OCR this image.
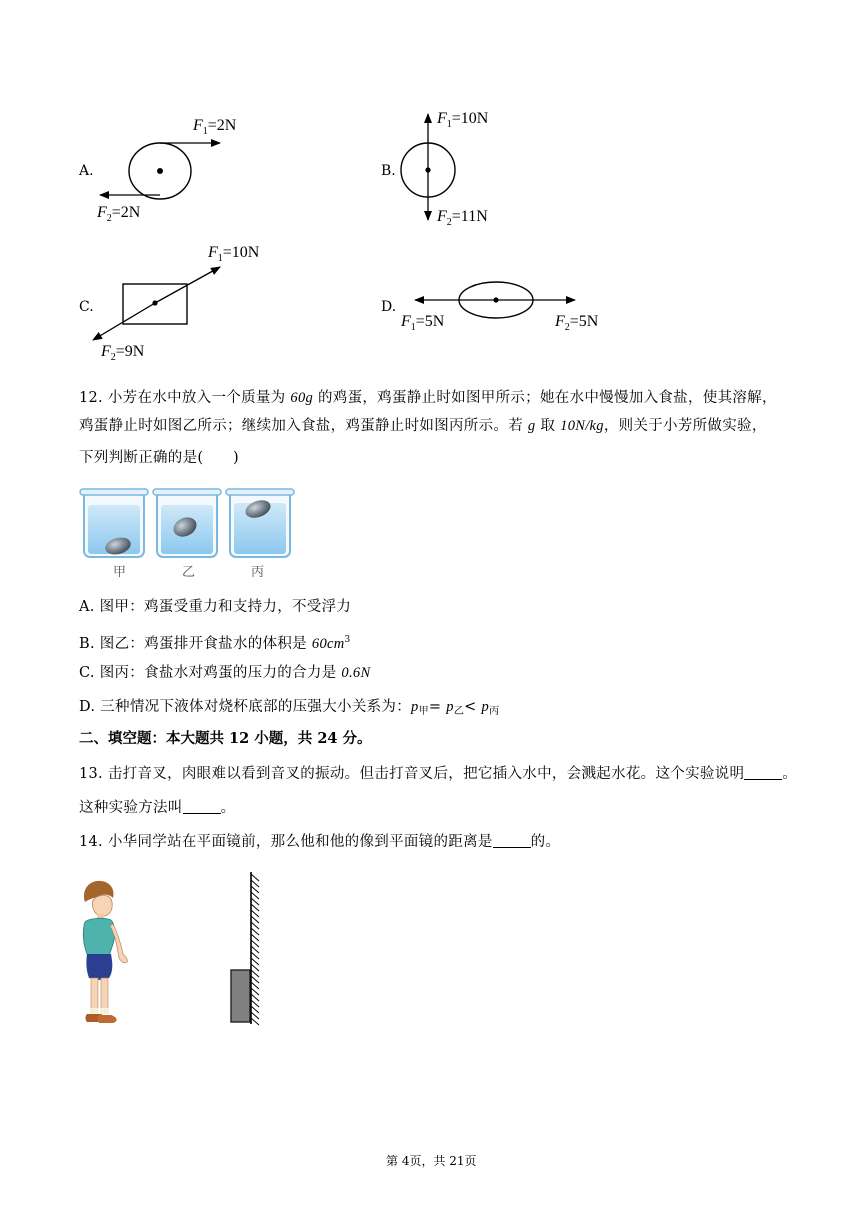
A.
$F_1=2N$
$F_2=2N$
B.
$F_1=10N$
$F_2=11N$
C.
$F_1=10N$
$F_2=9N$
D.
$F_1=5N$	$F_2=5N$
12. 小芳在水中放入一个质量为 60g 的鸡蛋，鸡蛋静止时如图甲所示；她在水中慢慢加入食盐，使其溶解，
鸡蛋静止时如图乙所示；继续加入食盐，鸡蛋静止时如图丙所示。若 g 取 10N/kg，则关于小芳所做实验，
下列判断正确的是(　　)
甲	乙	丙
A. 图甲：鸡蛋受重力和支持力，不受浮力
B. 图乙：鸡蛋排开食盐水的体积是 $60cm^3$
C. 图丙：食盐水对鸡蛋的压力的合力是 0.6N
D. 三种情况下液体对烧杯底部的压强大小关系为：$p_甲= p_乙< p_丙$
二、填空题：本大题共 12 小题，共 24 分。
13. 击打音叉，肉眼难以看到音叉的振动。但击打音叉后，把它插入水中，会溅起水花。这个实验说明	。
这种实验方法叫	。
14. 小华同学站在平面镜前，那么他和他的像到平面镜的距离是	的。
第 4页，共 21页
